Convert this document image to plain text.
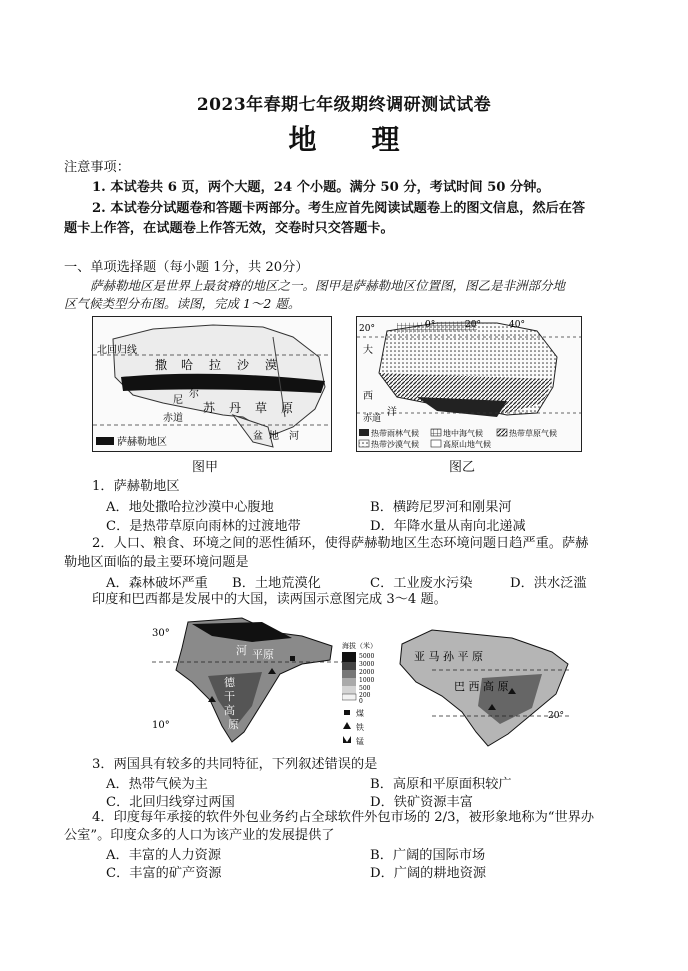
2023年春期七年级期终调研测试试卷
地理
注意事项：
1. 本试卷共 6 页，两个大题，24 个小题。满分 50 分，考试时间 50 分钟。
2. 本试卷分试题卷和答题卡两部分。考生应首先阅读试题卷上的图文信息，然后在答
题卡上作答，在试题卷上作答无效，交卷时只交答题卡。
一、单项选择题（每小题 1分，共 20分）
萨赫勒地区是世界上最贫瘠的地区之一。图甲是萨赫勒地区位置图，图乙是非洲部分地
区气候类型分布图。读图，完成 1～2 题。
北回归线
撒 哈 拉 沙 漠
苏 丹 草 原
尼
尔
赤道
盆 地 河
萨赫勒地区
图甲
20°	0°	20°	40°
大
西
洋
赤道
热带雨林气候	地中海气候	热带草原气候
热带沙漠气候	高原山地气候
图乙
1．萨赫勒地区
A．地处撒哈拉沙漠中心腹地	B．横跨尼罗河和刚果河
C．是热带草原向雨林的过渡地带	D．年降水量从南向北递减
2．人口、粮食、环境之间的恶性循环，使得萨赫勒地区生态环境问题日趋严重。萨赫
勒地区面临的最主要环境问题是
A．森林破坏严重 B．土地荒漠化	C．工业废水污染	D．洪水泛滥
印度和巴西都是发展中的大国，读两国示意图完成 3～4 题。
30°
10°
河 平原
德
干
高
原
海拔（米）
5000
3000
2000
1000
500
200
0
煤
铁
锰
亚 马 孙 平 原
巴 西 高 原
20°
3．两国具有较多的共同特征，下列叙述错误的是
A．热带气候为主	B．高原和平原面积较广
C．北回归线穿过两国	D．铁矿资源丰富
4．印度每年承接的软件外包业务约占全球软件外包市场的 2/3，被形象地称为“世界办
公室”。印度众多的人口为该产业的发展提供了
A．丰富的人力资源	B．广阔的国际市场
C．丰富的矿产资源	D．广阔的耕地资源
